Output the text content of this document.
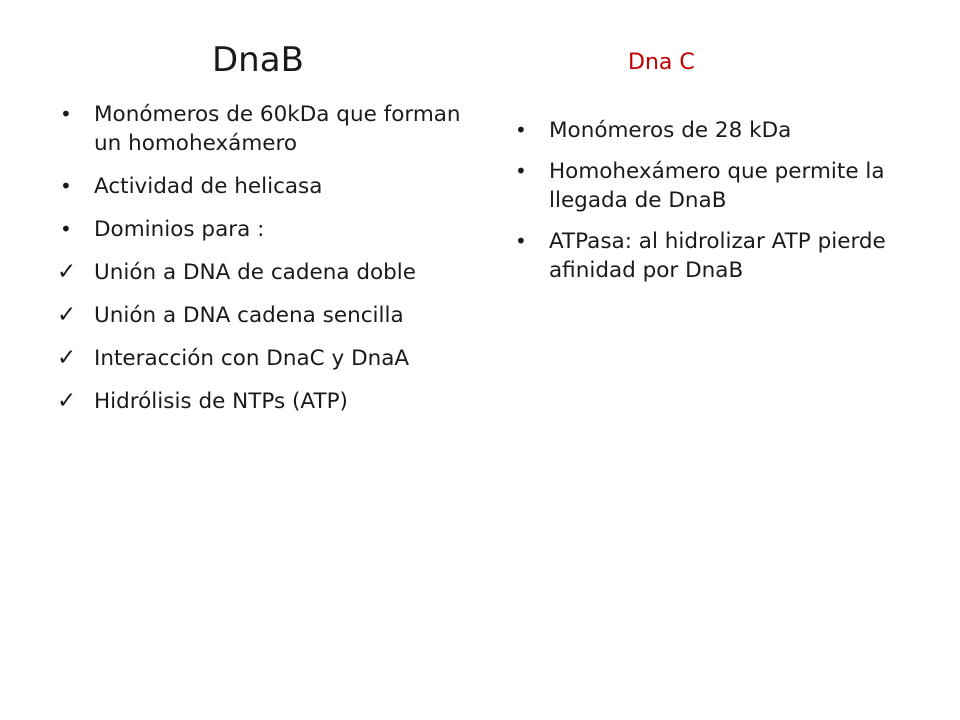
DnaB	Dna C
• Monómeros de 60kDa que forman un homohexámero
• Actividad de helicasa
• Dominios para :
✓ Unión a DNA de cadena doble
✓ Unión a DNA cadena sencilla
✓ Interacción con DnaC y DnaA
✓ Hidrólisis de NTPs (ATP)
• Monómeros de 28 kDa
• Homohexámero que permite la llegada de DnaB
• ATPasa: al hidrolizar ATP pierde afinidad por DnaB
